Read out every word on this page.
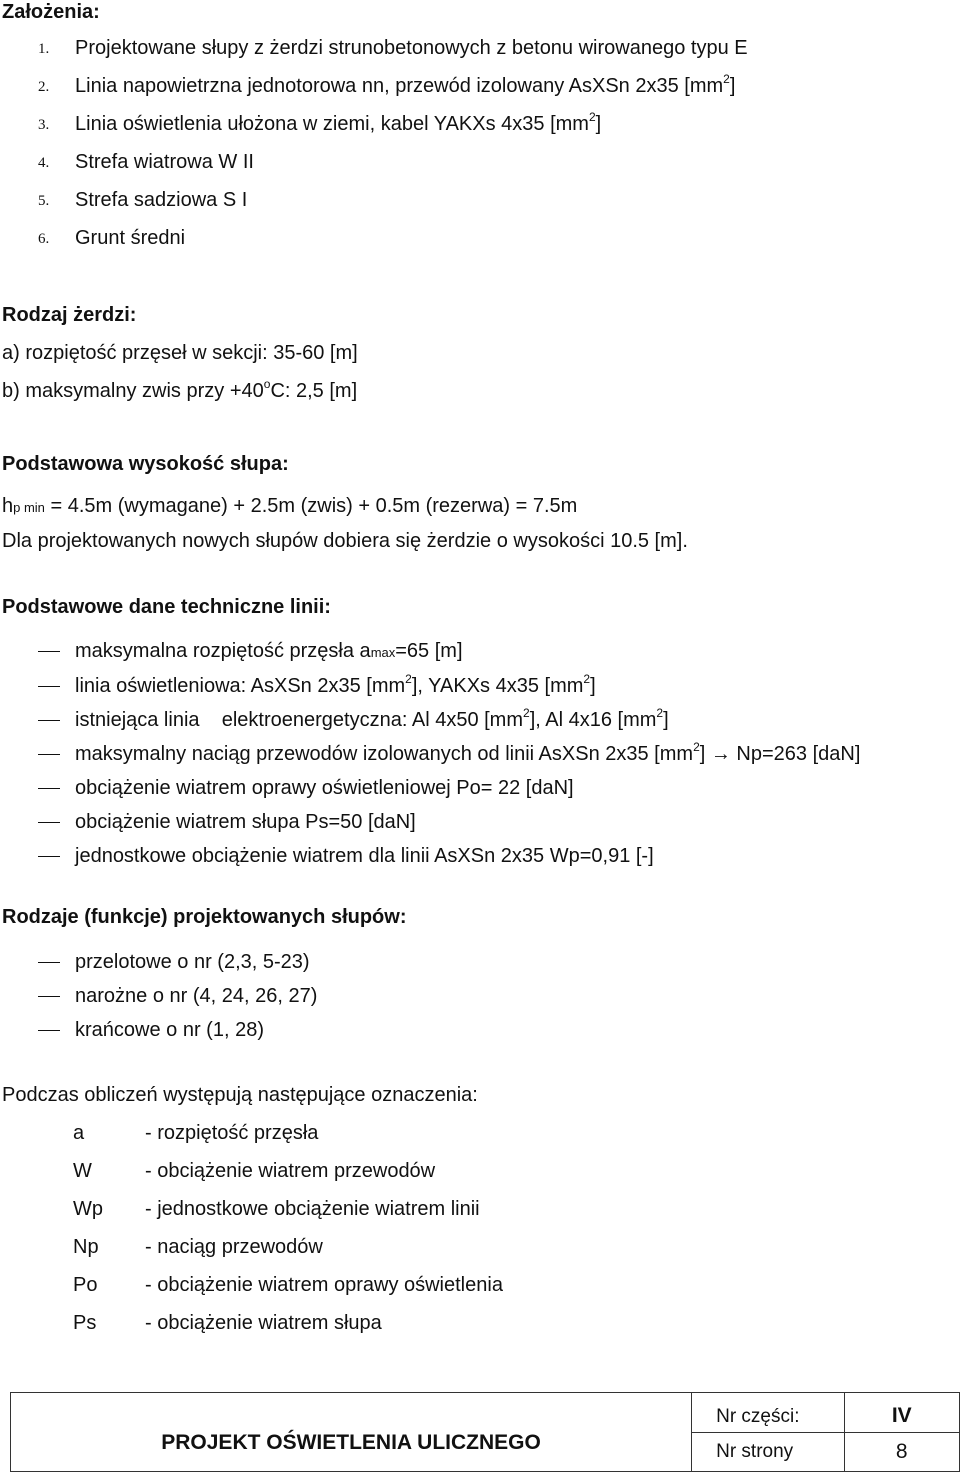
Założenia:
1. Projektowane słupy z żerdzi strunobetonowych z betonu wirowanego typu E
2. Linia napowietrzna jednotorowa nn, przewód izolowany AsXSn 2x35 $[mm^2]$
3. Linia oświetlenia ułożona w ziemi, kabel YAKXs 4x35 $[mm^2]$
4. Strefa wiatrowa W II
5. Strefa sadziowa S I
6. Grunt średni
Rodzaj żerdzi:
a) rozpiętość przęseł w sekcji: 35-60 [m]
b) maksymalny zwis przy $+40^oC$: 2,5 [m]
Podstawowa wysokość słupa:
hp min = 4.5m (wymagane) + 2.5m (zwis) + 0.5m (rezerwa) = 7.5m
Dla projektowanych nowych słupów dobiera się żerdzie o wysokości 10.5 [m].
Podstawowe dane techniczne linii:
maksymalna rozpiętość przęsła amax=65 [m]
linia oświetleniowa: AsXSn 2x35 $[mm^2]$, YAKXs 4x35 $[mm^2]$
istniejąca linia    elektroenergetyczna: Al 4x50 $[mm^2]$, Al 4x16 $[mm^2]$
maksymalny naciąg przewodów izolowanych od linii AsXSn 2x35 $[mm^2] \to Np=263$ [daN]
obciążenie wiatrem oprawy oświetleniowej Po= 22 [daN]
obciążenie wiatrem słupa Ps=50 [daN]
jednostkowe obciążenie wiatrem dla linii AsXSn 2x35 Wp=0,91 [-]
Rodzaje (funkcje) projektowanych słupów:
przelotowe o nr (2,3, 5-23)
narożne o nr (4, 24, 26, 27)
krańcowe o nr (1, 28)
Podczas obliczeń występują następujące oznaczenia:
a	- rozpiętość przęsła
W	- obciążenie wiatrem przewodów
Wp - jednostkowe obciążenie wiatrem linii
Np - naciąg przewodów
Po - obciążenie wiatrem oprawy oświetlenia
Ps - obciążenie wiatrem słupa
PROJEKT OŚWIETLENIA ULICZNEGO	Nr części:	IV
	Nr strony	8
